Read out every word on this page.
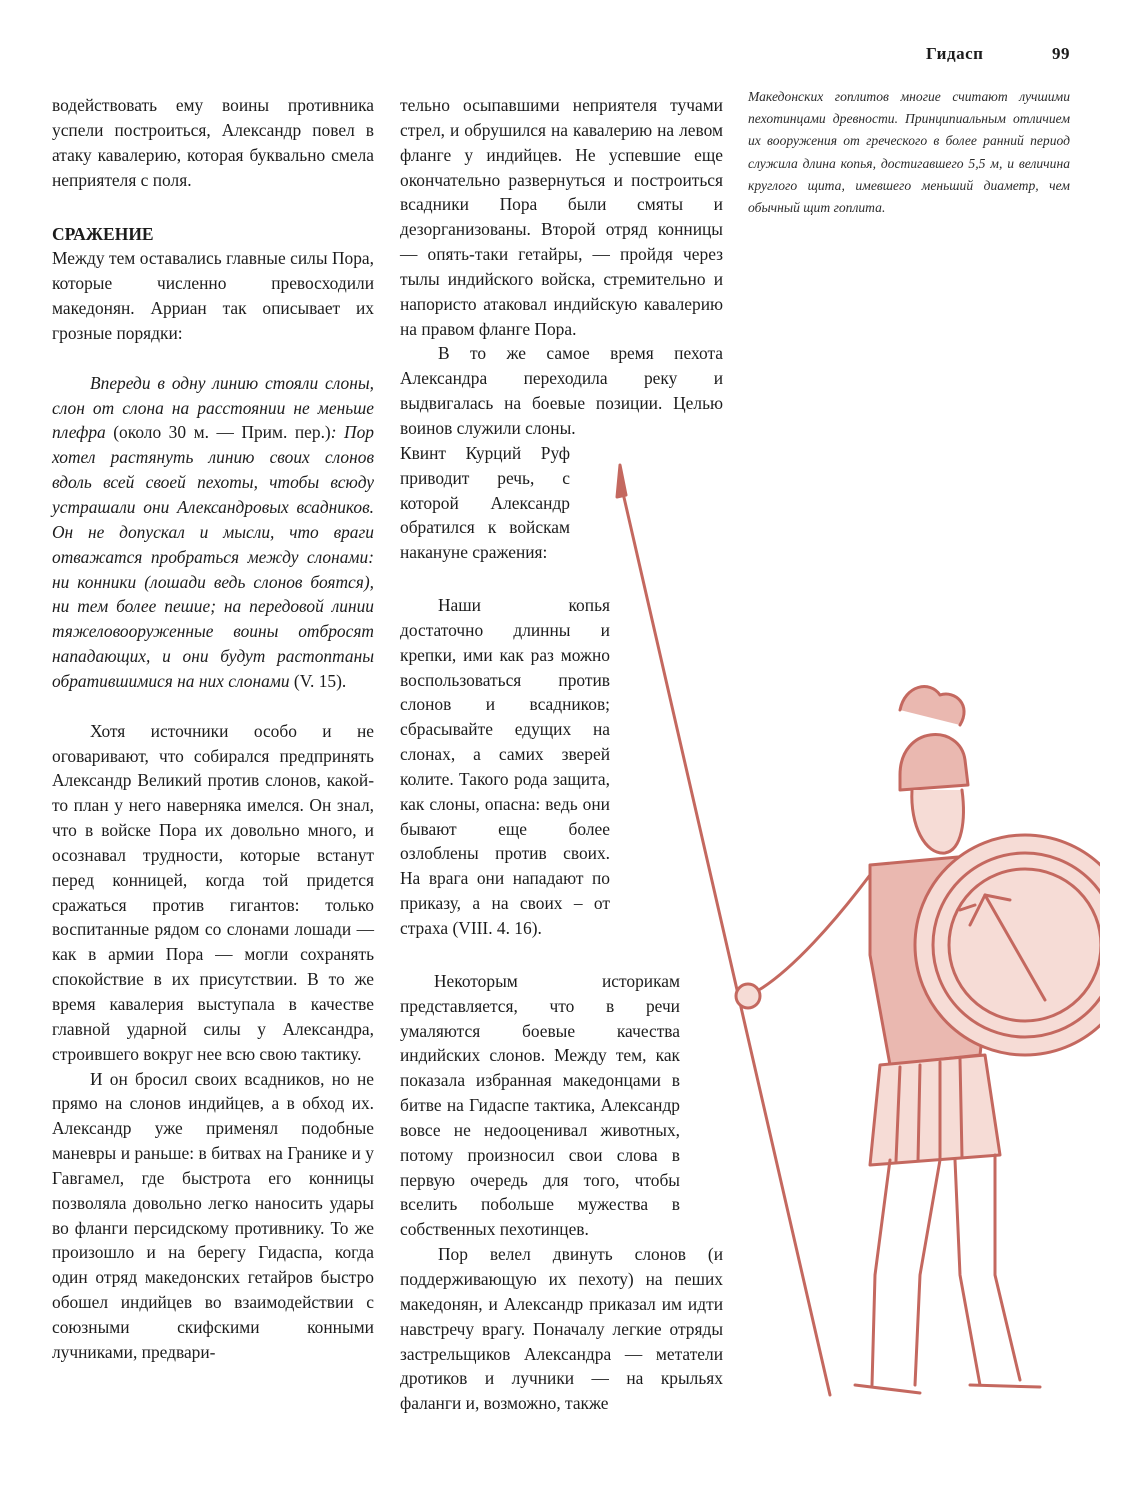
Гидасп	99

водействовать ему воины противника успели построиться, Александр повел в атаку кавалерию, которая буквально смела неприятеля с поля.

СРАЖЕНИЕ

Между тем оставались главные силы Пора, которые численно превосходили македонян. Арриан так описывает их грозные порядки:

Впереди в одну линию стояли слоны, слон от слона на расстоянии не меньше плефра (около 30 м. — Прим. пер.): Пор хотел растянуть линию своих слонов вдоль всей своей пехоты, чтобы всюду устрашали они Александровых всадников. Он не допускал и мысли, что враги отважатся пробраться между слонами: ни конники (лошади ведь слонов боятся), ни тем более пешие; на передовой линии тяжеловооруженные воины отбросят нападающих, и они будут растоптаны обратившимися на них слонами (V. 15).

Хотя источники особо и не оговаривают, что собирался предпринять Александр Великий против слонов, какой-то план у него наверняка имелся. Он знал, что в войске Пора их довольно много, и осознавал трудности, которые встанут перед конницей, когда той придется сражаться против гигантов: только воспитанные рядом со слонами лошади — как в армии Пора — могли сохранять спокойствие в их присутствии. В то же время кавалерия выступала в качестве главной ударной силы у Александра, строившего вокруг нее всю свою тактику.

И он бросил своих всадников, но не прямо на слонов индийцев, а в обход их. Александр уже применял подобные маневры и раньше: в битвах на Гранике и у Гавгамел, где быстрота его конницы позволяла довольно легко наносить удары во фланги персидскому противнику. То же произошло и на берегу Гидаспа, когда один отряд македонских гетайров быстро обошел индийцев во взаимодействии с союзными скифскими конными лучниками, предвари-

тельно осыпавшими неприятеля тучами стрел, и обрушился на кавалерию на левом фланге у индийцев. Не успевшие еще окончательно развернуться и построиться всадники Пора были смяты и дезорганизованы. Второй отряд конницы — опять-таки гетайры, — пройдя через тылы индийского войска, стремительно и напористо атаковал индийскую кавалерию на правом фланге Пора.

В то же самое время пехота Александра переходила реку и выдвигалась на боевые позиции. Целью воинов служили слоны.

Квинт Курций Руф приводит речь, с которой Александр обратился к войскам накануне сражения:

Наши копья достаточно длинны и крепки, ими как раз можно воспользоваться против слонов и всадников; сбрасывайте едущих на слонах, а самих зверей колите. Такого рода защита, как слоны, опасна: ведь они бывают еще более озлоблены против своих. На врага они нападают по приказу, а на своих – от страха (VIII. 4. 16).

Некоторым историкам представляется, что в речи умаляются боевые качества индийских слонов. Между тем, как показала избранная македонцами в битве на Гидаспе тактика, Александр вовсе не недооценивал животных, потому произносил свои слова в первую очередь для того, чтобы вселить побольше мужества в собственных пехотинцев.

Пор велел двинуть слонов (и поддерживающую их пехоту) на пеших македонян, и Александр приказал им идти навстречу врагу. Поначалу легкие отряды застрельщиков Александра — метатели дротиков и лучники — на крыльях фаланги и, возможно, также

Македонских гоплитов многие считают лучшими пехотинцами древности. Принципиальным отличием их вооружения от греческого в более ранний период служила длина копья, достигавшего 5,5 м, и величина круглого щита, имевшего меньший диаметр, чем обычный щит гоплита.
